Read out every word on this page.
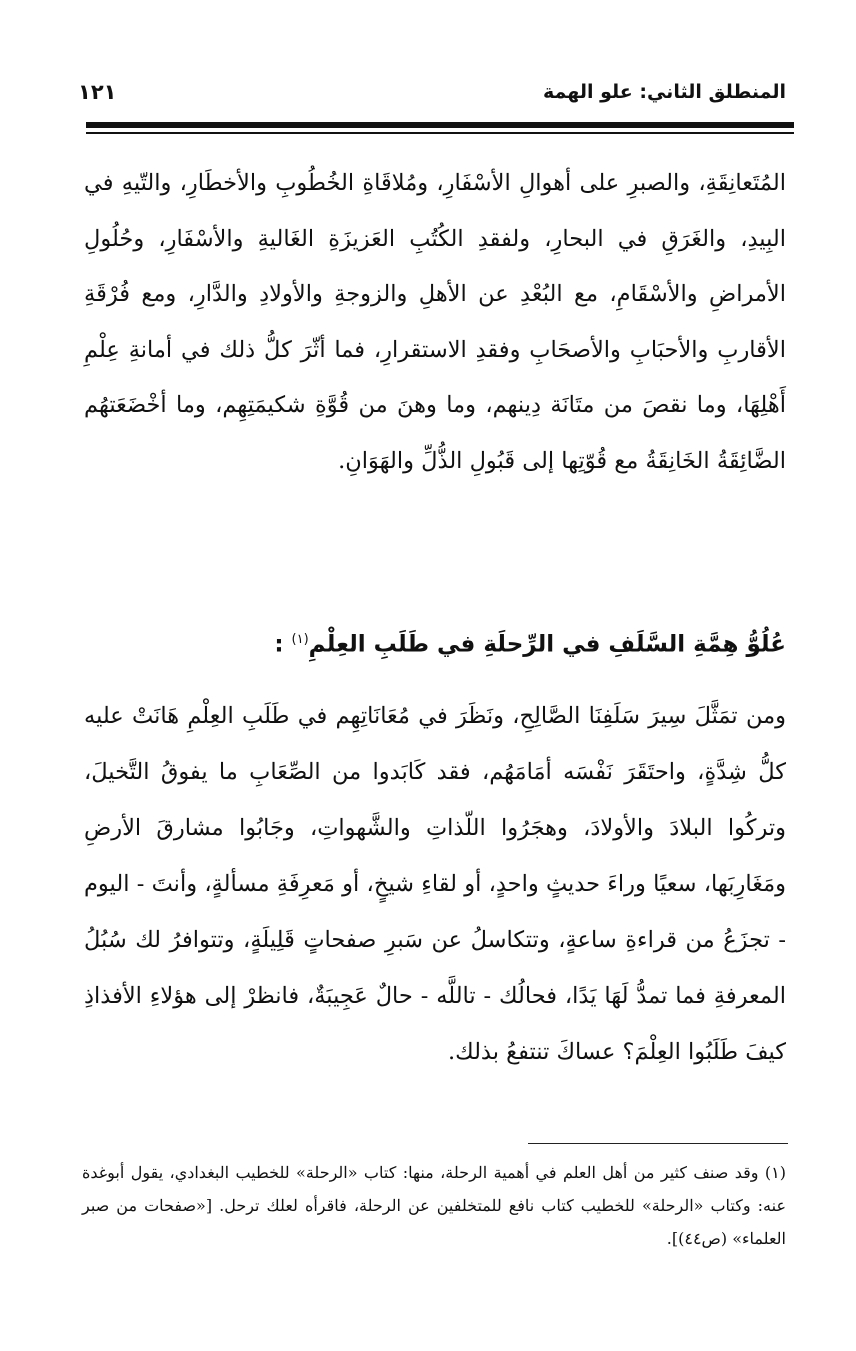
المنطلق الثاني: علو الهمة
١٢١

المُتَعانِقَةِ، والصبرِ على أهوالِ الأسْفَارِ، ومُلاقَاةِ الخُطُوبِ والأخطَارِ، والتّيهِ في البِيدِ، والغَرَقِ في البحارِ، ولفقدِ الكُتُبِ العَزيزَةِ الغَاليةِ والأسْفَارِ، وحُلُولِ الأمراضِ والأسْقَامِ، مع البُعْدِ عن الأهلِ والزوجةِ والأولادِ والدَّارِ، ومع فُرْقَةِ الأقاربِ والأحبَابِ والأصحَابِ وفقدِ الاستقرارِ، فما أثّرَ كلُّ ذلك في أمانةِ عِلْمِ أَهْلِهَا، وما نقصَ من متَانَة دِينهم، وما وهنَ من قُوَّةِ شكيمَتِهِم، وما أخْضَعَتهُم الضَّائِقَةُ الخَانِقَةُ مع قُوّتِها إلى قَبُولِ الذُّلِّ والهَوَانِ.

عُلُوُّ هِمَّةِ السَّلَفِ في الرِّحلَةِ في طَلَبِ العِلْمِ$^{(١)}$ :

ومن تمَثَّلَ سِيرَ سَلَفِنَا الصَّالِحِ، ونَظَرَ في مُعَانَاتِهِم في طَلَبِ العِلْمِ هَانَتْ عليه كلُّ شِدَّةٍ، واحتَقَرَ نَفْسَه أمَامَهُم، فقد كَابَدوا من الصِّعَابِ ما يفوقُ التَّخيلَ، وتركُوا البلادَ والأولادَ، وهجَرُوا اللّذاتِ والشَّهواتِ، وجَابُوا مشارقَ الأرضِ ومَغَارِبَها، سعيًا وراءَ حديثٍ واحدٍ، أو لقاءِ شيخٍ، أو مَعرِفَةِ مسألةٍ، وأنتَ - اليوم - تجزَعُ من قراءةِ ساعةٍ، وتتكاسلُ عن سَبرِ صفحاتٍ قَلِيلَةٍ، وتتوافرُ لك سُبُلُ المعرفةِ فما تمدُّ لَهَا يَدًا، فحالُك - تاللَّه - حالٌ عَجِيبَةٌ، فانظرْ إلى هؤلاءِ الأفذاذِ كيفَ طَلَبُوا العِلْمَ؟ عساكَ تنتفعُ بذلك.

(١) وقد صنف كثير من أهل العلم في أهمية الرحلة، منها: كتاب «الرحلة» للخطيب البغدادي، يقول أبوغدة عنه: وكتاب «الرحلة» للخطيب كتاب نافع للمتخلفين عن الرحلة، فاقرأه لعلك ترحل. [«صفحات من صبر العلماء» (ص٤٤)].
